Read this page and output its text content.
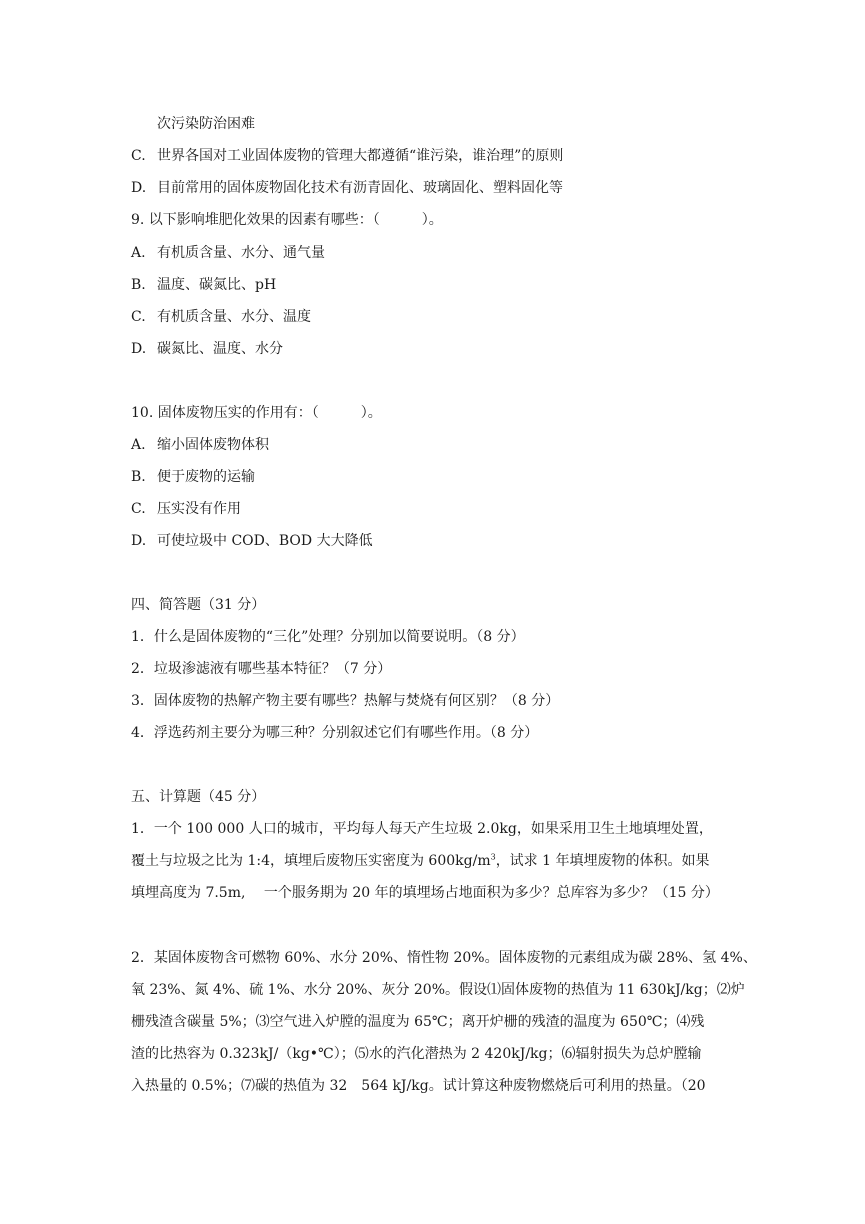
次污染防治困难
C. 世界各国对工业固体废物的管理大都遵循“谁污染，谁治理”的原则
D. 目前常用的固体废物固化技术有沥青固化、玻璃固化、塑料固化等
9. 以下影响堆肥化效果的因素有哪些：（　　　）。
A. 有机质含量、水分、通气量
B. 温度、碳氮比、pH
C. 有机质含量、水分、温度
D. 碳氮比、温度、水分
10. 固体废物压实的作用有：（　　　）。
A. 缩小固体废物体积
B. 便于废物的运输
C. 压实没有作用
D. 可使垃圾中 COD、BOD 大大降低
四、简答题（31 分）
1．什么是固体废物的“三化”处理？分别加以简要说明。（8 分）
2．垃圾渗滤液有哪些基本特征？（7 分）
3．固体废物的热解产物主要有哪些？热解与焚烧有何区别？（8 分）
4．浮选药剂主要分为哪三种？分别叙述它们有哪些作用。（8 分）
五、计算题（45 分）
1．一个 100 000 人口的城市，平均每人每天产生垃圾 2.0kg，如果采用卫生土地填埋处置，
覆土与垃圾之比为 1:4，填埋后废物压实密度为 $600kg/m^3$，试求 1 年填埋废物的体积。如果
填埋高度为 7.5m,　 一个服务期为 20 年的填埋场占地面积为多少？总库容为多少？（15 分）
2．某固体废物含可燃物 60%、水分 20%、惰性物 20%。固体废物的元素组成为碳 28%、氢 4%、
氧 23%、氮 4%、硫 1%、水分 20%、灰分 20%。假设⑴固体废物的热值为 11 630kJ/kg；⑵炉
栅残渣含碳量 5%；⑶空气进入炉膛的温度为 65℃；离开炉栅的残渣的温度为 650℃；⑷残
渣的比热容为 0.323kJ/（kg•℃）；⑸水的汽化潜热为 2 420kJ/kg；⑹辐射损失为总炉膛输
入热量的 0.5%；⑺碳的热值为 32　564 kJ/kg。试计算这种废物燃烧后可利用的热量。（20
